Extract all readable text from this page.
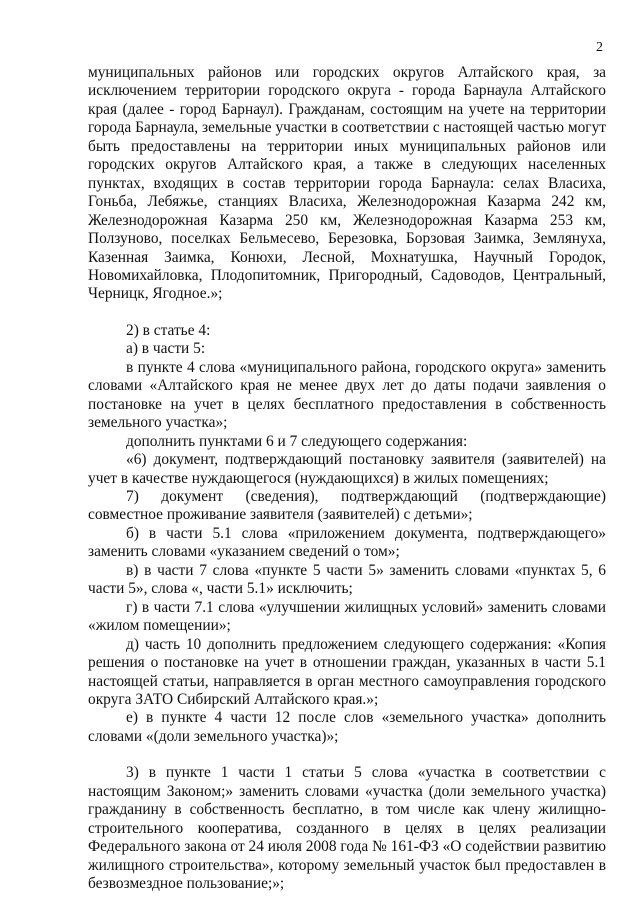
2

муниципальных районов или городских округов Алтайского края, за исключением территории городского округа - города Барнаула Алтайского края (далее - город Барнаул). Гражданам, состоящим на учете на территории города Барнаула, земельные участки в соответствии с настоящей частью могут быть предоставлены на территории иных муниципальных районов или городских округов Алтайского края, а также в следующих населенных пунктах, входящих в состав территории города Барнаула: селах Власиха, Гоньба, Лебяжье, станциях Власиха, Железнодорожная Казарма 242 км, Железнодорожная Казарма 250 км, Железнодорожная Казарма 253 км, Ползуново, поселках Бельмесево, Березовка, Борзовая Заимка, Землянуха, Казенная Заимка, Конюхи, Лесной, Мохнатушка, Научный Городок, Новомихайловка, Плодопитомник, Пригородный, Садоводов, Центральный, Черницк, Ягодное.»;

2) в статье 4:

а) в части 5:

в пункте 4 слова «муниципального района, городского округа» заменить словами «Алтайского края не менее двух лет до даты подачи заявления о постановке на учет в целях бесплатного предоставления в собственность земельного участка»;

дополнить пунктами 6 и 7 следующего содержания:

«6) документ, подтверждающий постановку заявителя (заявителей) на учет в качестве нуждающегося (нуждающихся) в жилых помещениях;

7) документ (сведения), подтверждающий (подтверждающие) совместное проживание заявителя (заявителей) с детьми»;

б) в части 5.1 слова «приложением документа, подтверждающего» заменить словами «указанием сведений о том»;

в) в части 7 слова «пункте 5 части 5» заменить словами «пунктах 5, 6 части 5», слова «, части 5.1» исключить;

г) в части 7.1 слова «улучшении жилищных условий» заменить словами «жилом помещении»;

д) часть 10 дополнить предложением следующего содержания: «Копия решения о постановке на учет в отношении граждан, указанных в части 5.1 настоящей статьи, направляется в орган местного самоуправления городского округа ЗАТО Сибирский Алтайского края.»;

е) в пункте 4 части 12 после слов «земельного участка» дополнить словами «(доли земельного участка)»;

3) в пункте 1 части 1 статьи 5 слова «участка в соответствии с настоящим Законом;» заменить словами «участка (доли земельного участка) гражданину в собственность бесплатно, в том числе как члену жилищно-строительного кооператива, созданного в целях в целях реализации Федерального закона от 24 июля 2008 года № 161-ФЗ «О содействии развитию жилищного строительства», которому земельный участок был предоставлен в безвозмездное пользование;»;
